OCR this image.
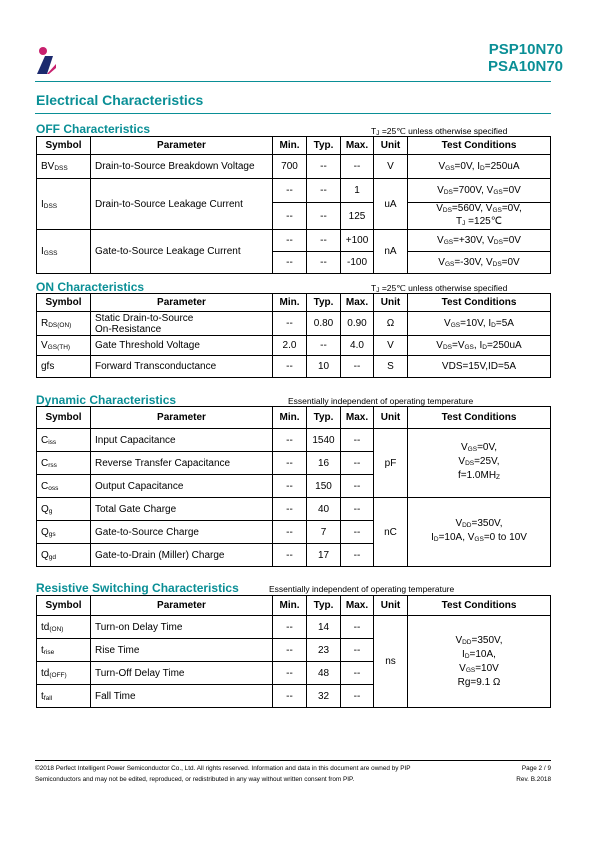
PSP10N70
PSA10N70
Electrical Characteristics
OFF Characteristics	$T_J$ =25℃ unless otherwise specified
Symbol	Parameter	Min.	Typ.	Max.	Unit	Test Conditions
$BV_{DSS}$	Drain-to-Source Breakdown Voltage	700	--	--	V	$V_{GS}=0V$, $I_D=250uA$
$I_{DSS}$	Drain-to-Source Leakage Current	--	--	1	uA	$V_{DS}=700V$, $V_{GS}=0V$
		--	--	125		$V_{DS}=560V$, $V_{GS}=0V$,
$T_J$ =125℃
$I_{GSS}$	Gate-to-Source Leakage Current	--	--	+100	nA	$V_{GS}=+30V$, $V_{DS}=0V$
		--	--	-100		$V_{GS}=-30V$, $V_{DS}=0V$
ON Characteristics	$T_J$ =25℃ unless otherwise specified
Symbol	Parameter	Min.	Typ.	Max.	Unit	Test Conditions
$R_{DS(ON)}$	Static Drain-to-Source
On-Resistance	--	0.80	0.90	Ω	$V_{GS}=10V$, $I_D=5A$
$V_{GS(TH)}$	Gate Threshold Voltage	2.0	--	4.0	V	$V_{DS}=V_{GS}$, $I_D=250uA$
gfs	Forward Transconductance	--	10	--	S	VDS=15V,ID=5A
Dynamic Characteristics	Essentially independent of operating temperature
Symbol	Parameter	Min.	Typ.	Max.	Unit	Test Conditions
$C_{iss}$	Input Capacitance	--	1540	--	pF	$V_{GS}=0V$,
$V_{DS}=25V$,
$f=1.0MH_Z$
$C_{rss}$	Reverse Transfer Capacitance	--	16	--		
$C_{oss}$	Output Capacitance	--	150	--		
$Q_g$	Total Gate Charge	--	40	--	nC	$V_{DD}=350V$,
$I_D=10A$, $V_{GS}=0$ to 10V
$Q_{gs}$	Gate-to-Source Charge	--	7	--		
$Q_{gd}$	Gate-to-Drain (Miller) Charge	--	17	--		
Resistive Switching Characteristics	Essentially independent of operating temperature
Symbol	Parameter	Min.	Typ.	Max.	Unit	Test Conditions
$td_{(ON)}$	Turn-on Delay Time	--	14	--	ns	$V_{DD}=350V$,
$I_D=10A$,
$V_{GS}=10V$
Rg=9.1 Ω
$t_{rise}$	Rise Time	--	23	--		
$td_{(OFF)}$	Turn-Off Delay Time	--	48	--		
$t_{fall}$	Fall Time	--	32	--		
©2018 Perfect Intelligent Power Semiconductor Co., Ltd. All rights reserved. Information and data in this document are owned by PIP
Semiconductors and may not be edited, reproduced, or redistributed in any way without written consent from PIP.
Page 2 / 9
Rev. B.2018
